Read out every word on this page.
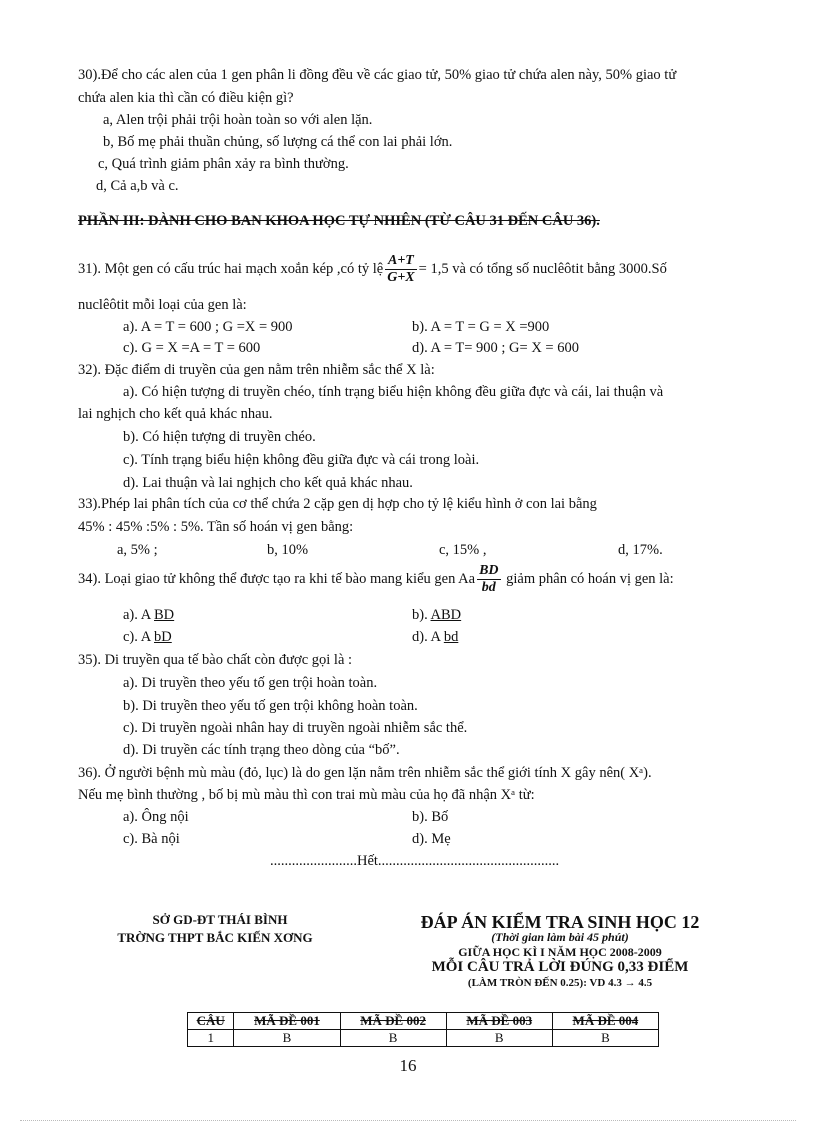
30).Để cho các alen của 1 gen phân li đồng đều về các giao tử, 50% giao tử chứa alen này, 50% giao tử
chứa alen kia thì cần có điều kiện gì?
a, Alen trội phải trội hoàn toàn so với alen lặn.
b, Bố mẹ phải thuần chủng, số lượng cá thể con lai phải lớn.
c, Quá trình giảm phân xảy ra bình thường.
d, Cả a,b và c.
PHẦN III: DÀNH CHO BAN KHOA HỌC TỰ NHIÊN (TỪ CÂU 31 ĐẾN CÂU 36).
31). Một gen có cấu trúc hai mạch xoắn kép ,có tỷ lệ $\frac{A+T}{G+X} = 1,5$ và có tổng số nuclêôtit bằng 3000.Số
nuclêôtit mỗi loại của gen là:
a). A = T = 600 ; G =X = 900	b). A = T = G = X =900
c). G = X =A = T = 600	d). A = T= 900 ; G= X = 600
32). Đặc điểm di truyền của gen nằm trên nhiễm sắc thể X là:
a). Có hiện tượng di truyền chéo, tính trạng biểu hiện không đều giữa đực và cái, lai thuận và
lai nghịch cho kết quả khác nhau.
b). Có hiện tượng di truyền chéo.
c). Tính trạng biểu hiện không đều giữa đực và cái trong loài.
d). Lai thuận và lai nghịch cho kết quả khác nhau.
33).Phép lai phân tích của cơ thể chứa 2 cặp gen dị hợp cho tỷ lệ kiểu hình ở con lai bằng
45% : 45% :5% : 5%. Tần số hoán vị gen bằng:
a, 5% ;	b, 10%	c, 15% ,	d, 17%.
34). Loại giao tử không thể được tạo ra khi tế bào mang kiểu gen Aa $\frac{BD}{bd}$ giảm phân có hoán vị gen là:
a). A BD	b). ABD
c). A bD	d). A bd
35). Di truyền qua tế bào chất còn được gọi là :
a). Di truyền theo yếu tố gen trội hoàn toàn.
b). Di truyền theo yếu tố gen trội không hoàn toàn.
c). Di truyền ngoài nhân hay di truyền ngoài nhiễm sắc thể.
d). Di truyền các tính trạng theo dòng của “bố”.
36). Ở người bệnh mù màu (đỏ, lục) là do gen lặn nằm trên nhiễm sắc thể giới tính X gây nên( Xᵃ).
Nếu mẹ bình thường , bố bị mù màu thì con trai mù màu của họ đã nhận Xᵃ từ:
a). Ông nội	b). Bố
c). Bà nội	d). Mẹ
........................Hết..................................................
SỞ GD-ĐT THÁI BÌNH
TRỜNG THPT BẮC KIẾN XƠNG
ĐÁP ÁN KIỂM TRA SINH HỌC 12
(Thời gian làm bài 45 phút)
GIỮA HỌC KÌ I NĂM HỌC 2008-2009
MỖI CÂU TRẢ LỜI ĐÚNG 0,33 ĐIỂM
(LÀM TRÒN ĐẾN 0.25): VD 4.3 → 4.5
CÂU	MÃ ĐỀ 001	MÃ ĐỀ 002	MÃ ĐỀ 003	MÃ ĐỀ 004
1	B	B	B	B
16
